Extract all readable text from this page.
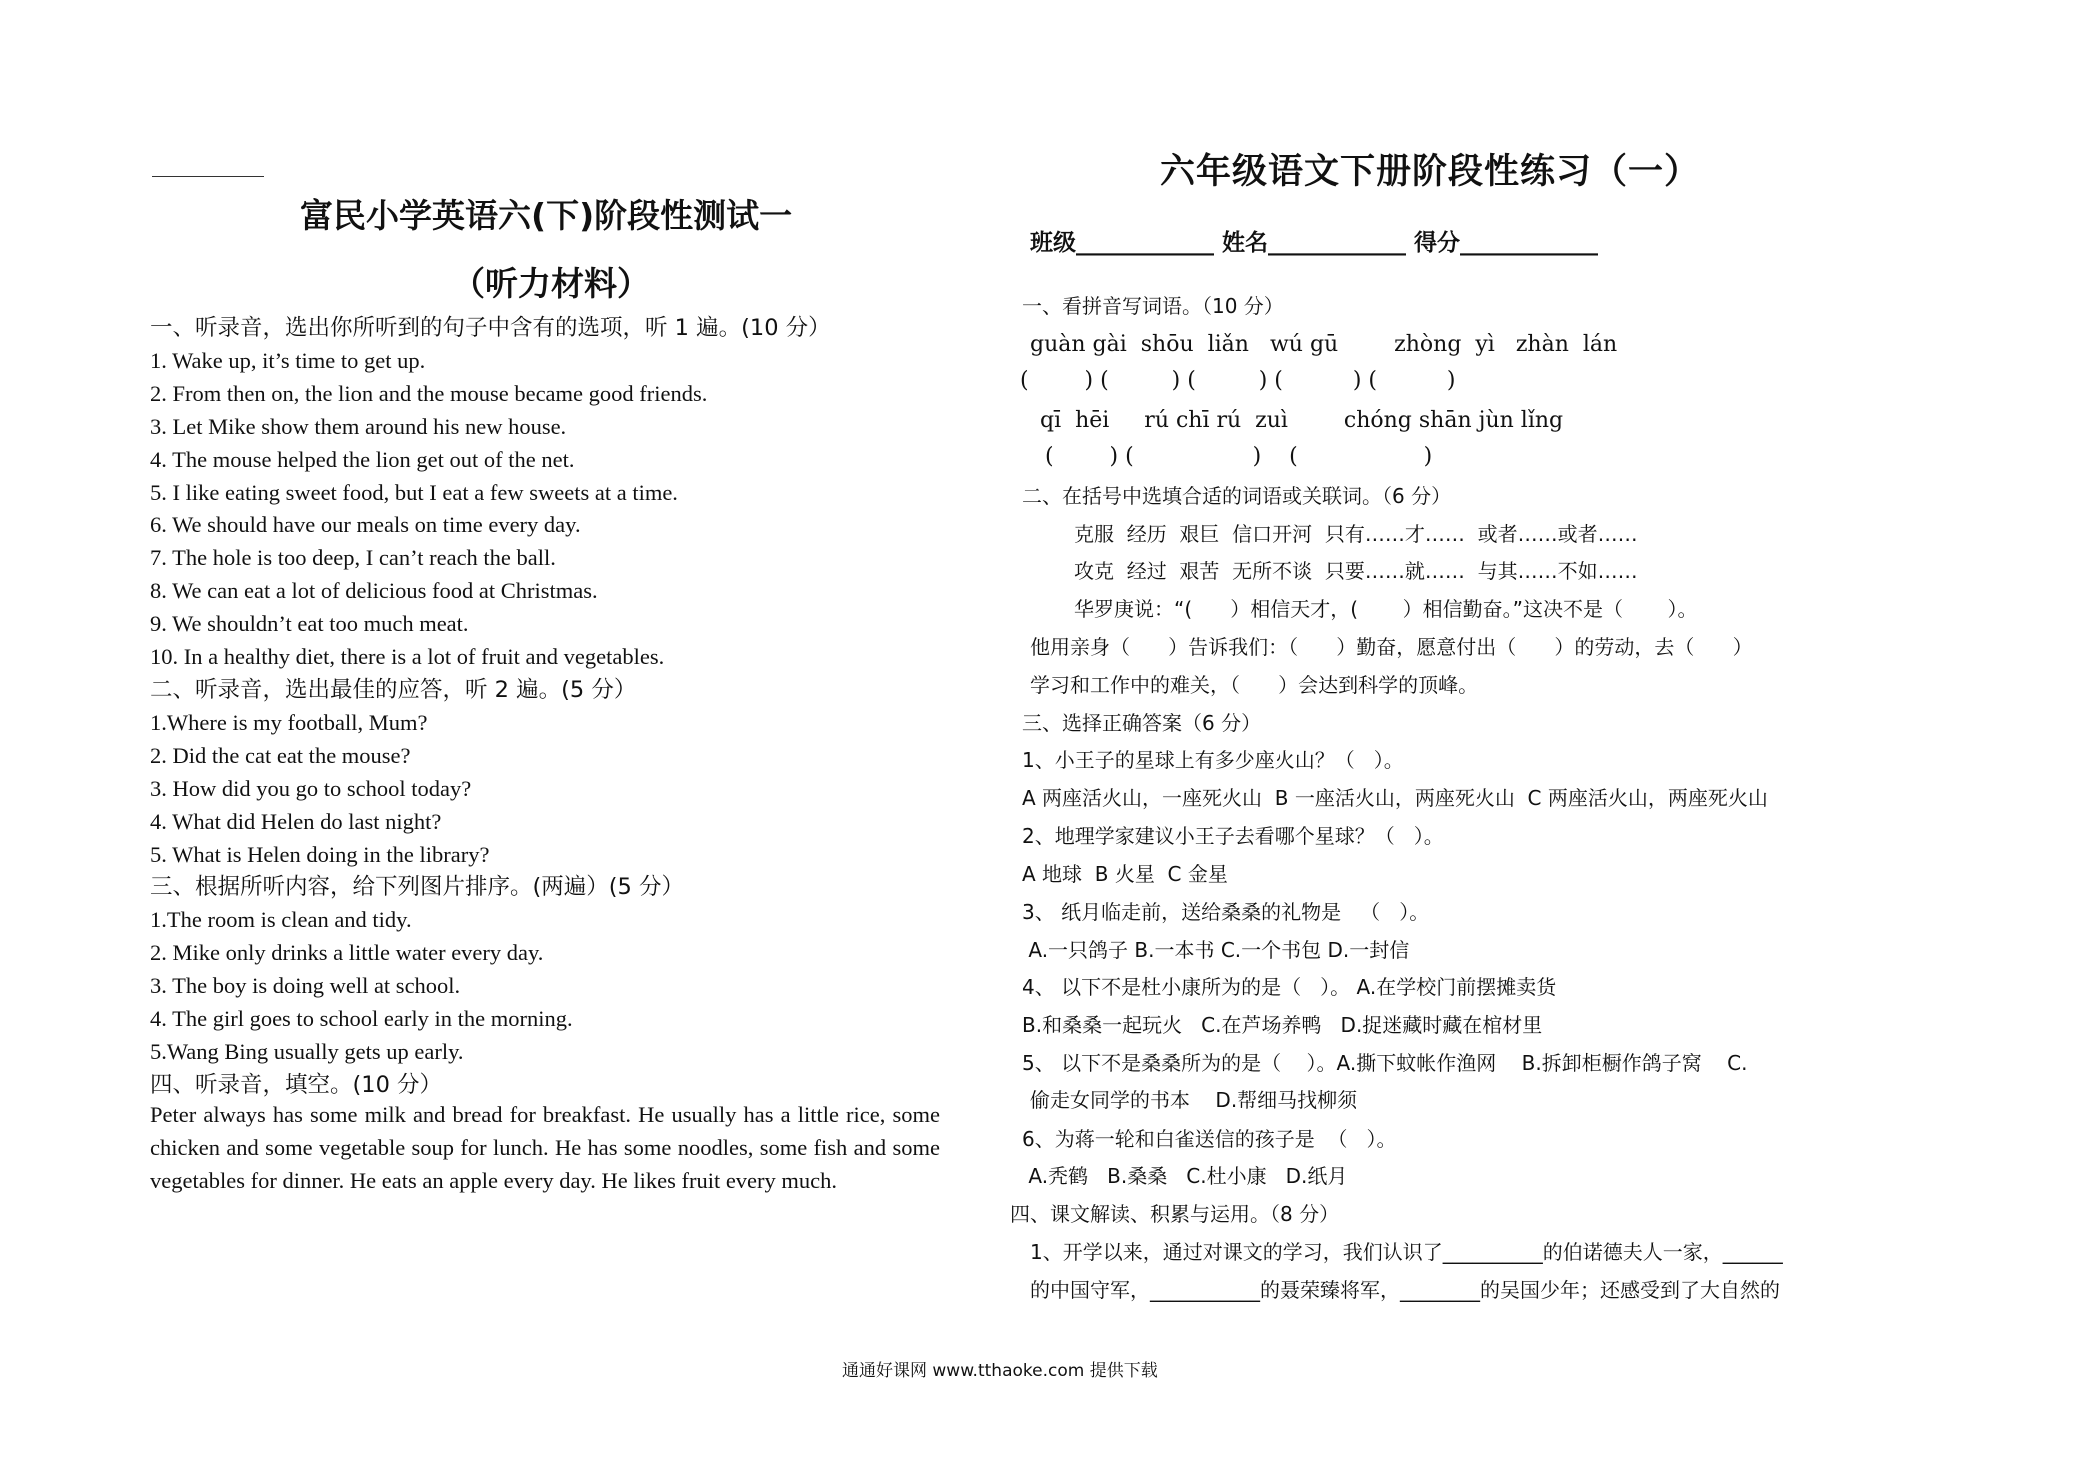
富民小学英语六(下)阶段性测试一
（听力材料）
一、听录音，选出你所听到的句子中含有的选项，听 1 遍。(10 分）
1. Wake up, it’s time to get up.
2. From then on, the lion and the mouse became good friends.
3. Let Mike show them around his new house.
4. The mouse helped the lion get out of the net.
5. I like eating sweet food, but I eat a few sweets at a time.
6. We should have our meals on time every day.
7. The hole is too deep, I can’t reach the ball.
8. We can eat a lot of delicious food at Christmas.
9. We shouldn’t eat too much meat.
10. In a healthy diet, there is a lot of fruit and vegetables.
二、听录音，选出最佳的应答，听 2 遍。(5 分）
1.Where is my football, Mum?
2. Did the cat eat the mouse?
3. How did you go to school today?
4. What did Helen do last night?
5. What is Helen doing in the library?
三、根据所听内容，给下列图片排序。(两遍）(5 分）
1.The room is clean and tidy.
2. Mike only drinks a little water every day.
3. The boy is doing well at school.
4. The girl goes to school early in the morning.
5.Wang Bing usually gets up early.
四、听录音，填空。(10 分）
Peter always has some milk and bread for breakfast. He usually has a little rice, some chicken and some vegetable soup for lunch. He has some noodles, some fish and some vegetables for dinner. He eats an apple every day. He likes fruit every much.
六年级语文下册阶段性练习（一）
班级____________ 姓名____________ 得分____________
一、看拼音写词语。（10 分）
guàn gài  shōu  liǎn   wú gū        zhòng  yì   zhàn  lán
(        ) (         ) (         ) (          ) (          )
qī  hēi     rú chī rú  zuì        chóng shān jùn lǐng
(        ) (                 )    (                  )
二、在括号中选填合适的词语或关联词。（6 分）
克服  经历  艰巨  信口开河  只有……才……  或者……或者……
攻克  经过  艰苦  无所不谈  只要……就……  与其……不如……
华罗庚说：“(      ）相信天才，(       ）相信勤奋。”这决不是（       ）。
他用亲身（      ）告诉我们：（      ）勤奋，愿意付出（      ）的劳动，去（      ）
学习和工作中的难关，（      ）会达到科学的顶峰。
三、选择正确答案（6 分）
1、小王子的星球上有多少座火山？（   ）。
A 两座活火山，一座死火山  B 一座活火山，两座死火山  C 两座活火山，两座死火山
2、地理学家建议小王子去看哪个星球？（   ）。
A 地球  B 火星  C 金星
3、 纸月临走前，送给桑桑的礼物是   （   ）。
A.一只鸽子 B.一本书 C.一个书包 D.一封信
4、 以下不是杜小康所为的是（   ）。 A.在学校门前摆摊卖货
B.和桑桑一起玩火   C.在芦场养鸭   D.捉迷藏时藏在棺材里
5、 以下不是桑桑所为的是（    ）。A.撕下蚊帐作渔网    B.拆卸柜橱作鸽子窝    C.
偷走女同学的书本    D.帮细马找柳须
6、为蒋一轮和白雀送信的孩子是  （   ）。
A.秃鹤   B.桑桑   C.杜小康   D.纸月
四、课文解读、积累与运用。（8 分）
1、开学以来，通过对课文的学习，我们认识了__________的伯诺德夫人一家，______
的中国守军，___________的聂荣臻将军，________的吴国少年；还感受到了大自然的
通通好课网 www.tthaoke.com 提供下载
